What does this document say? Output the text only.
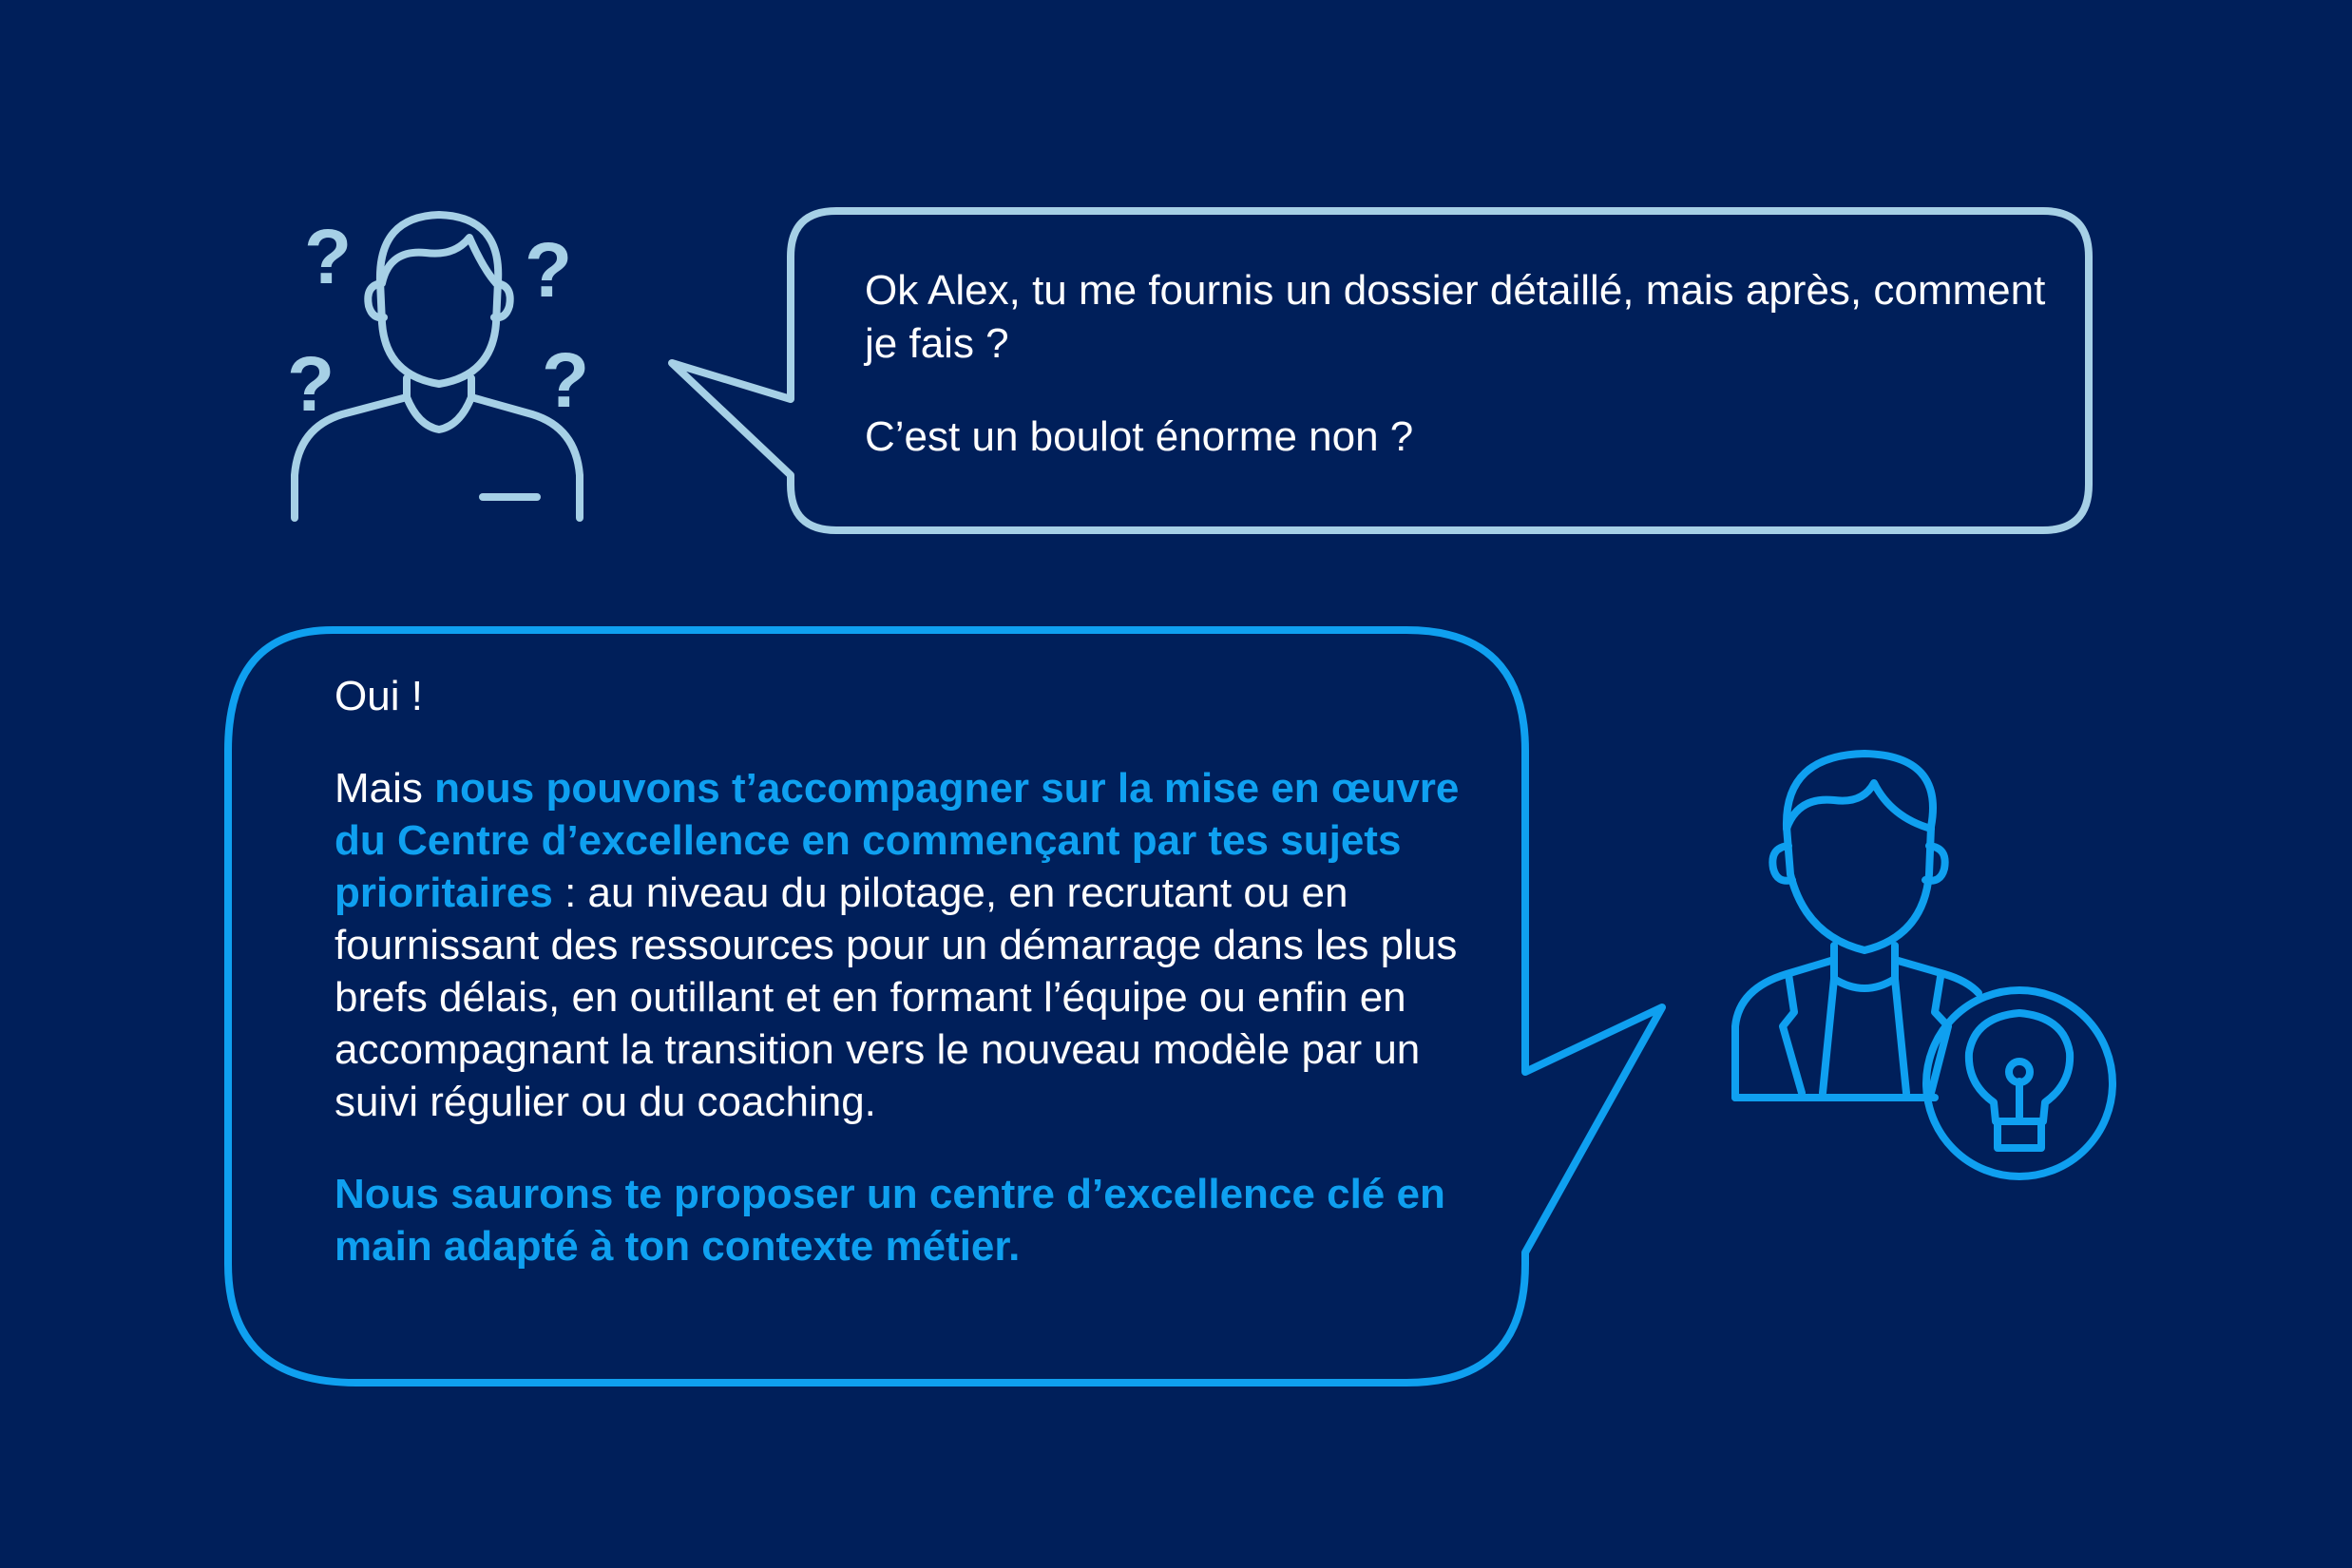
? ?
?	?

Ok Alex, tu me fournis un dossier détaillé, mais après, comment je fais ?

C’est un boulot énorme non ?

Oui !

Mais nous pouvons t’accompagner sur la mise en œuvre du Centre d’excellence en commençant par tes sujets prioritaires : au niveau du pilotage, en recrutant ou en fournissant des ressources pour un démarrage dans les plus brefs délais, en outillant et en formant l’équipe ou enfin en accompagnant la transition vers le nouveau modèle par un suivi régulier ou du coaching.

Nous saurons te proposer un centre d’excellence clé en main adapté à ton contexte métier.
